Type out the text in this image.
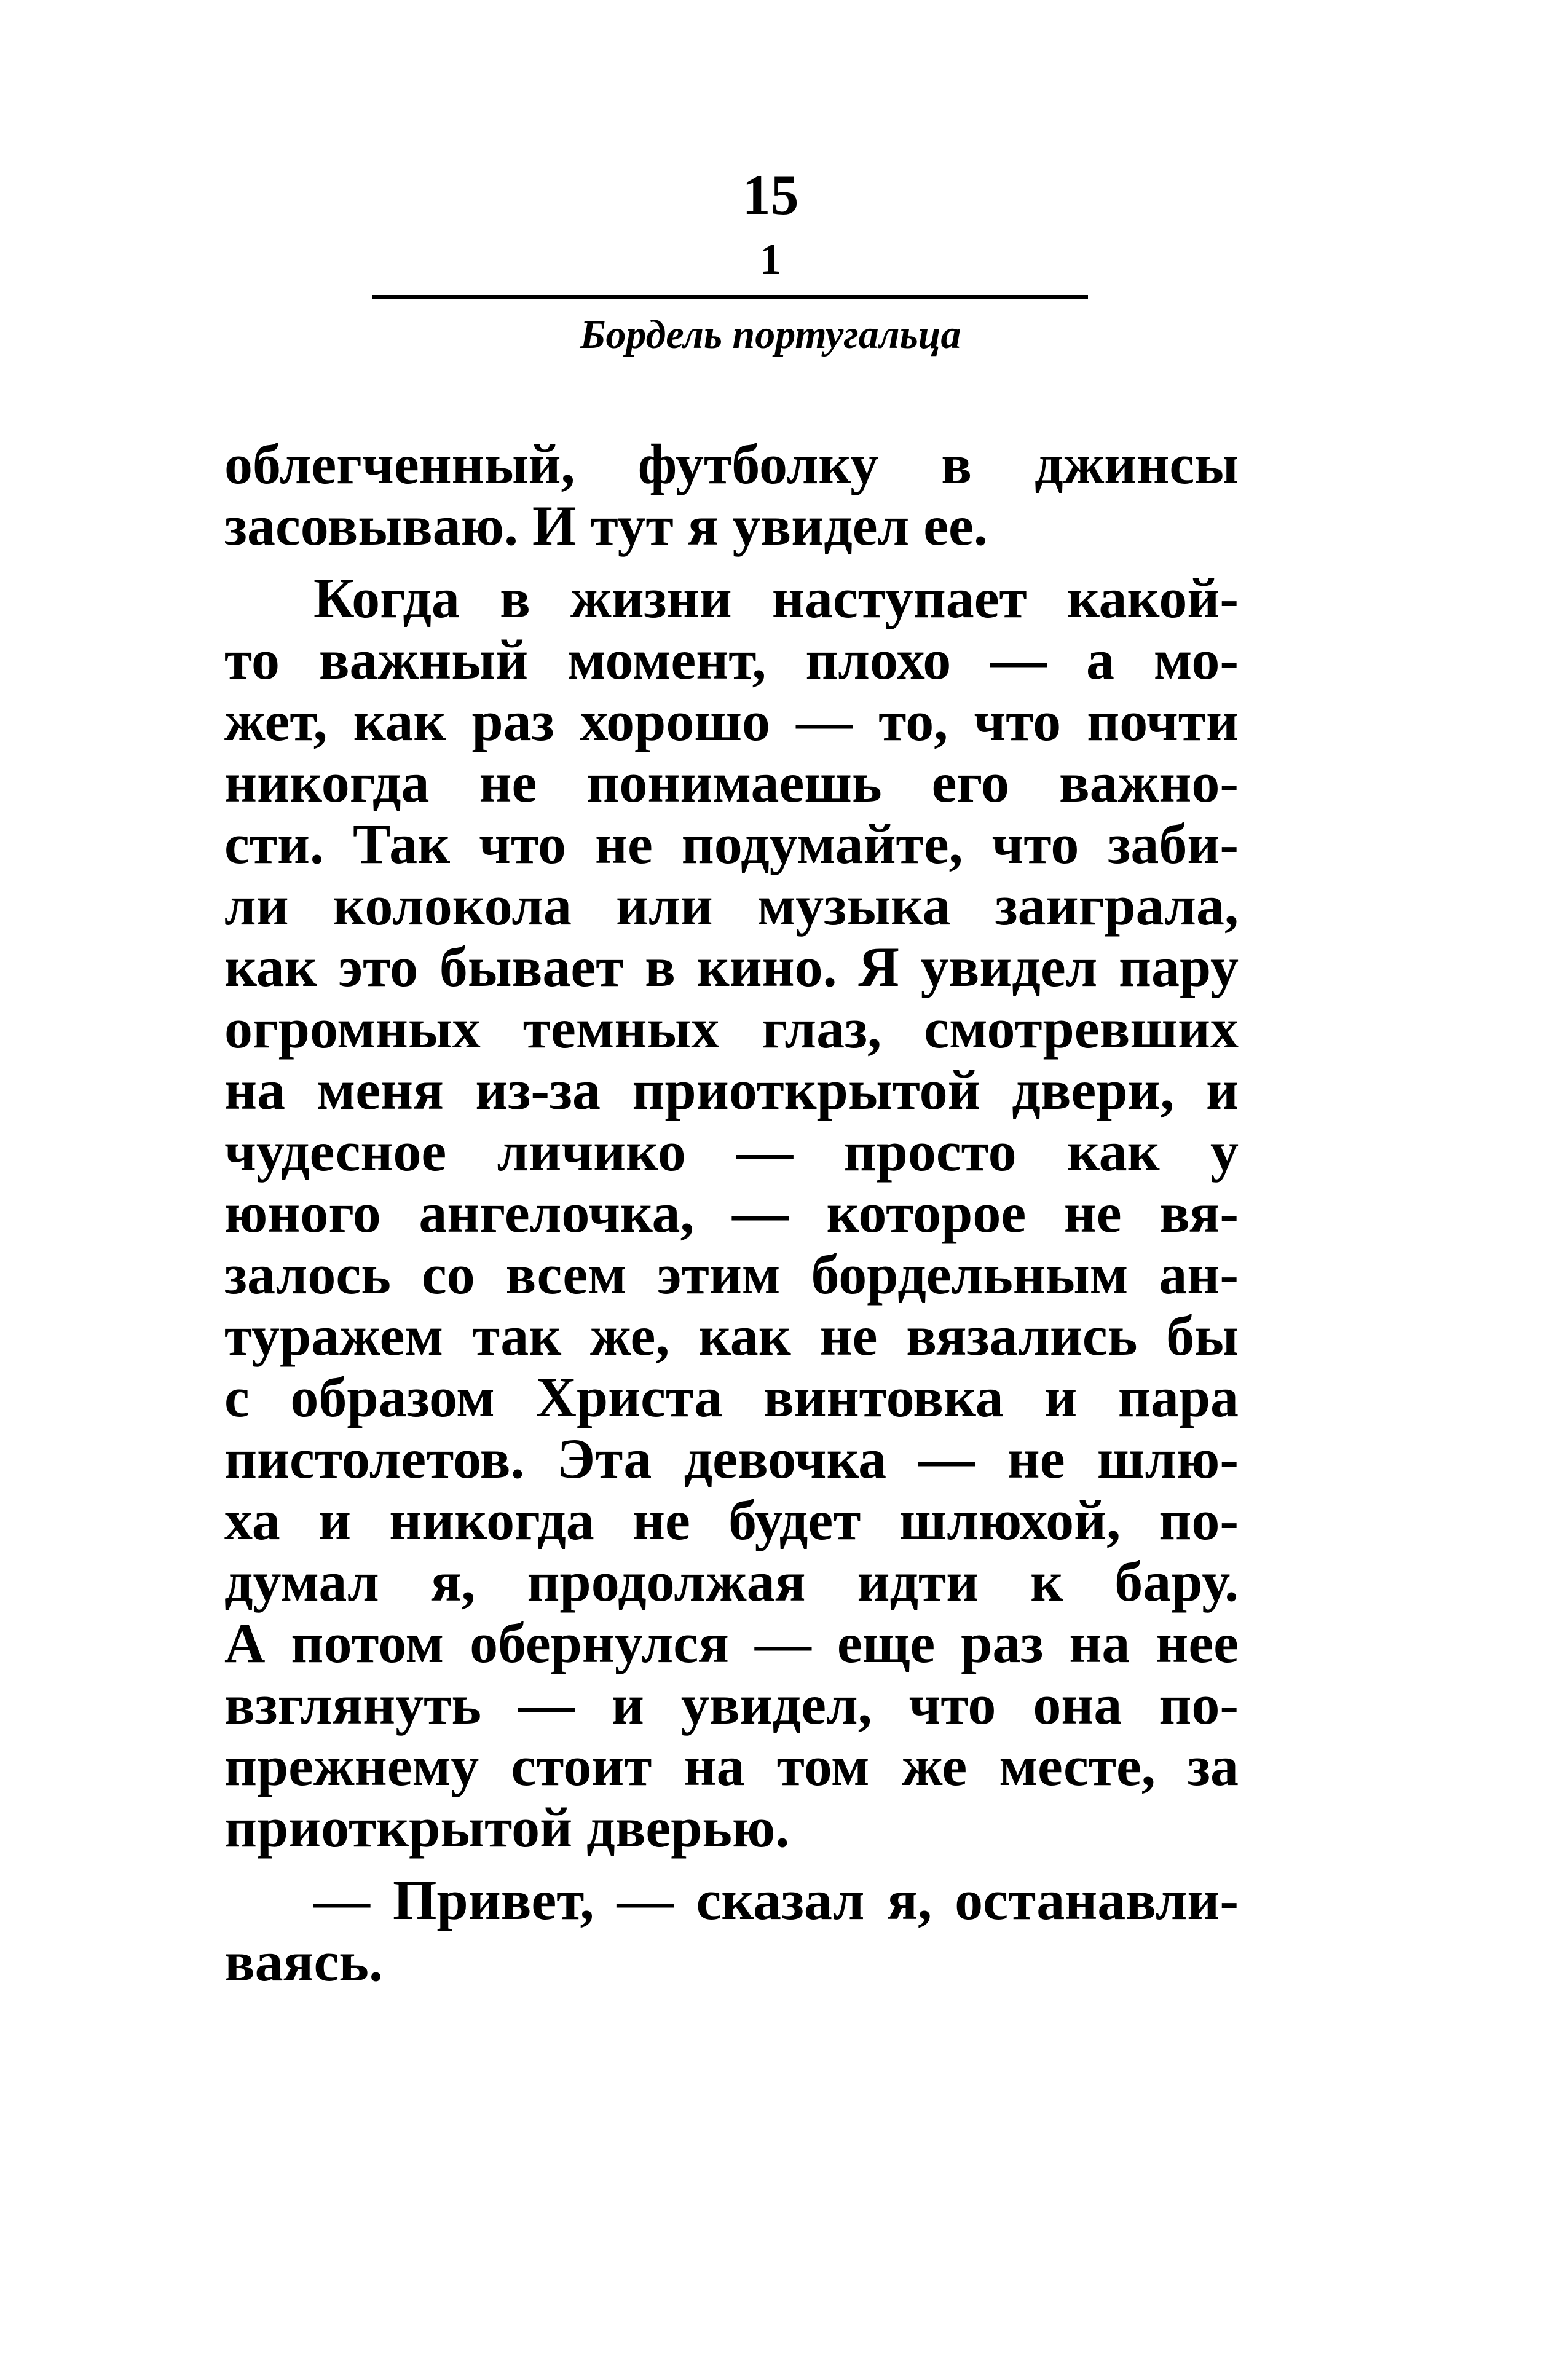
15
1
Бордель португальца
облегченный, футболку в джинсы
засовываю. И тут я увидел ее.
Когда в жизни наступает какой-
то важный момент, плохо — а мо-
жет, как раз хорошо — то, что почти
никогда не понимаешь его важно-
сти. Так что не подумайте, что заби-
ли колокола или музыка заиграла,
как это бывает в кино. Я увидел пару
огромных темных глаз, смотревших
на меня из-за приоткрытой двери, и
чудесное личико — просто как у
юного ангелочка, — которое не вя-
залось со всем этим бордельным ан-
туражем так же, как не вязались бы
с образом Христа винтовка и пара
пистолетов. Эта девочка — не шлю-
ха и никогда не будет шлюхой, по-
думал я, продолжая идти к бару.
А потом обернулся — еще раз на нее
взглянуть — и увидел, что она по-
прежнему стоит на том же месте, за
приоткрытой дверью.
— Привет, — сказал я, останавли-
ваясь.
